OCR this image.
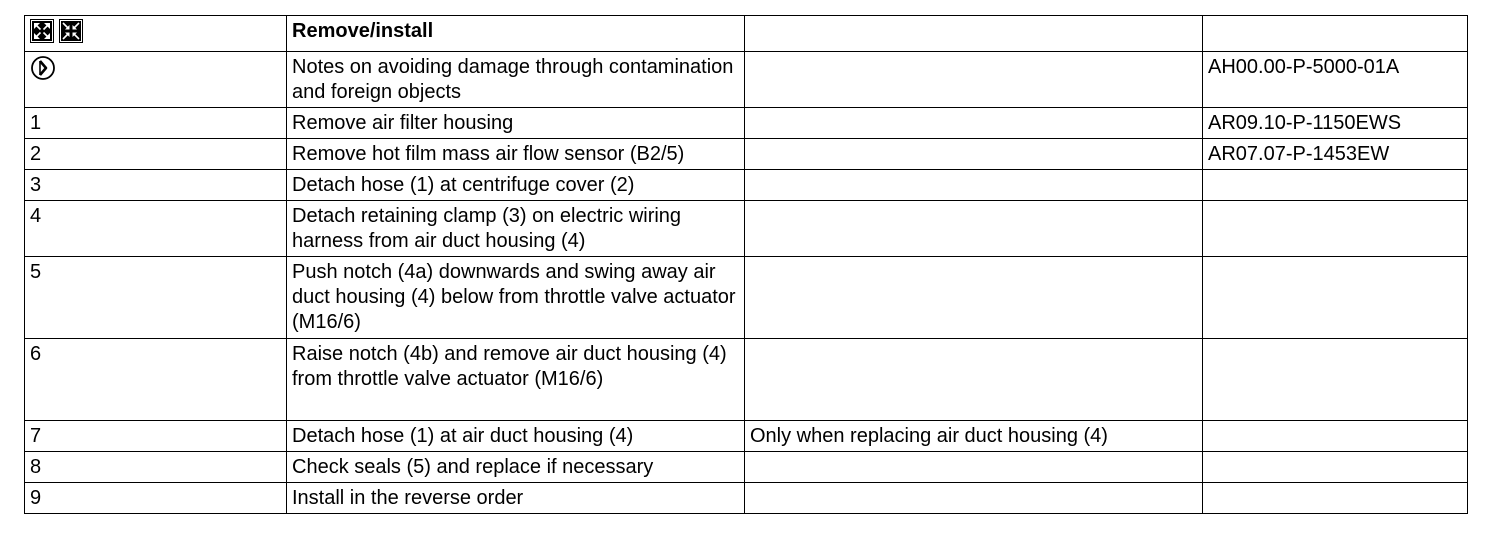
	Remove/install		

	Notes on avoiding damage through contamination and foreign objects		AH00.00-P-5000-01A
1	Remove air filter housing		AR09.10-P-1150EWS
2	Remove hot film mass air flow sensor (B2/5)		AR07.07-P-1453EW
3	Detach hose (1) at centrifuge cover (2)		
4	Detach retaining clamp (3) on electric wiring harness from air duct housing (4)		
5	Push notch (4a) downwards and swing away air duct housing (4) below from throttle valve actuator (M16/6)		
6	Raise notch (4b) and remove air duct housing (4) from throttle valve actuator (M16/6)		
7	Detach hose (1) at air duct housing (4)	Only when replacing air duct housing (4)	
8	Check seals (5) and replace if necessary		
9	Install in the reverse order		
